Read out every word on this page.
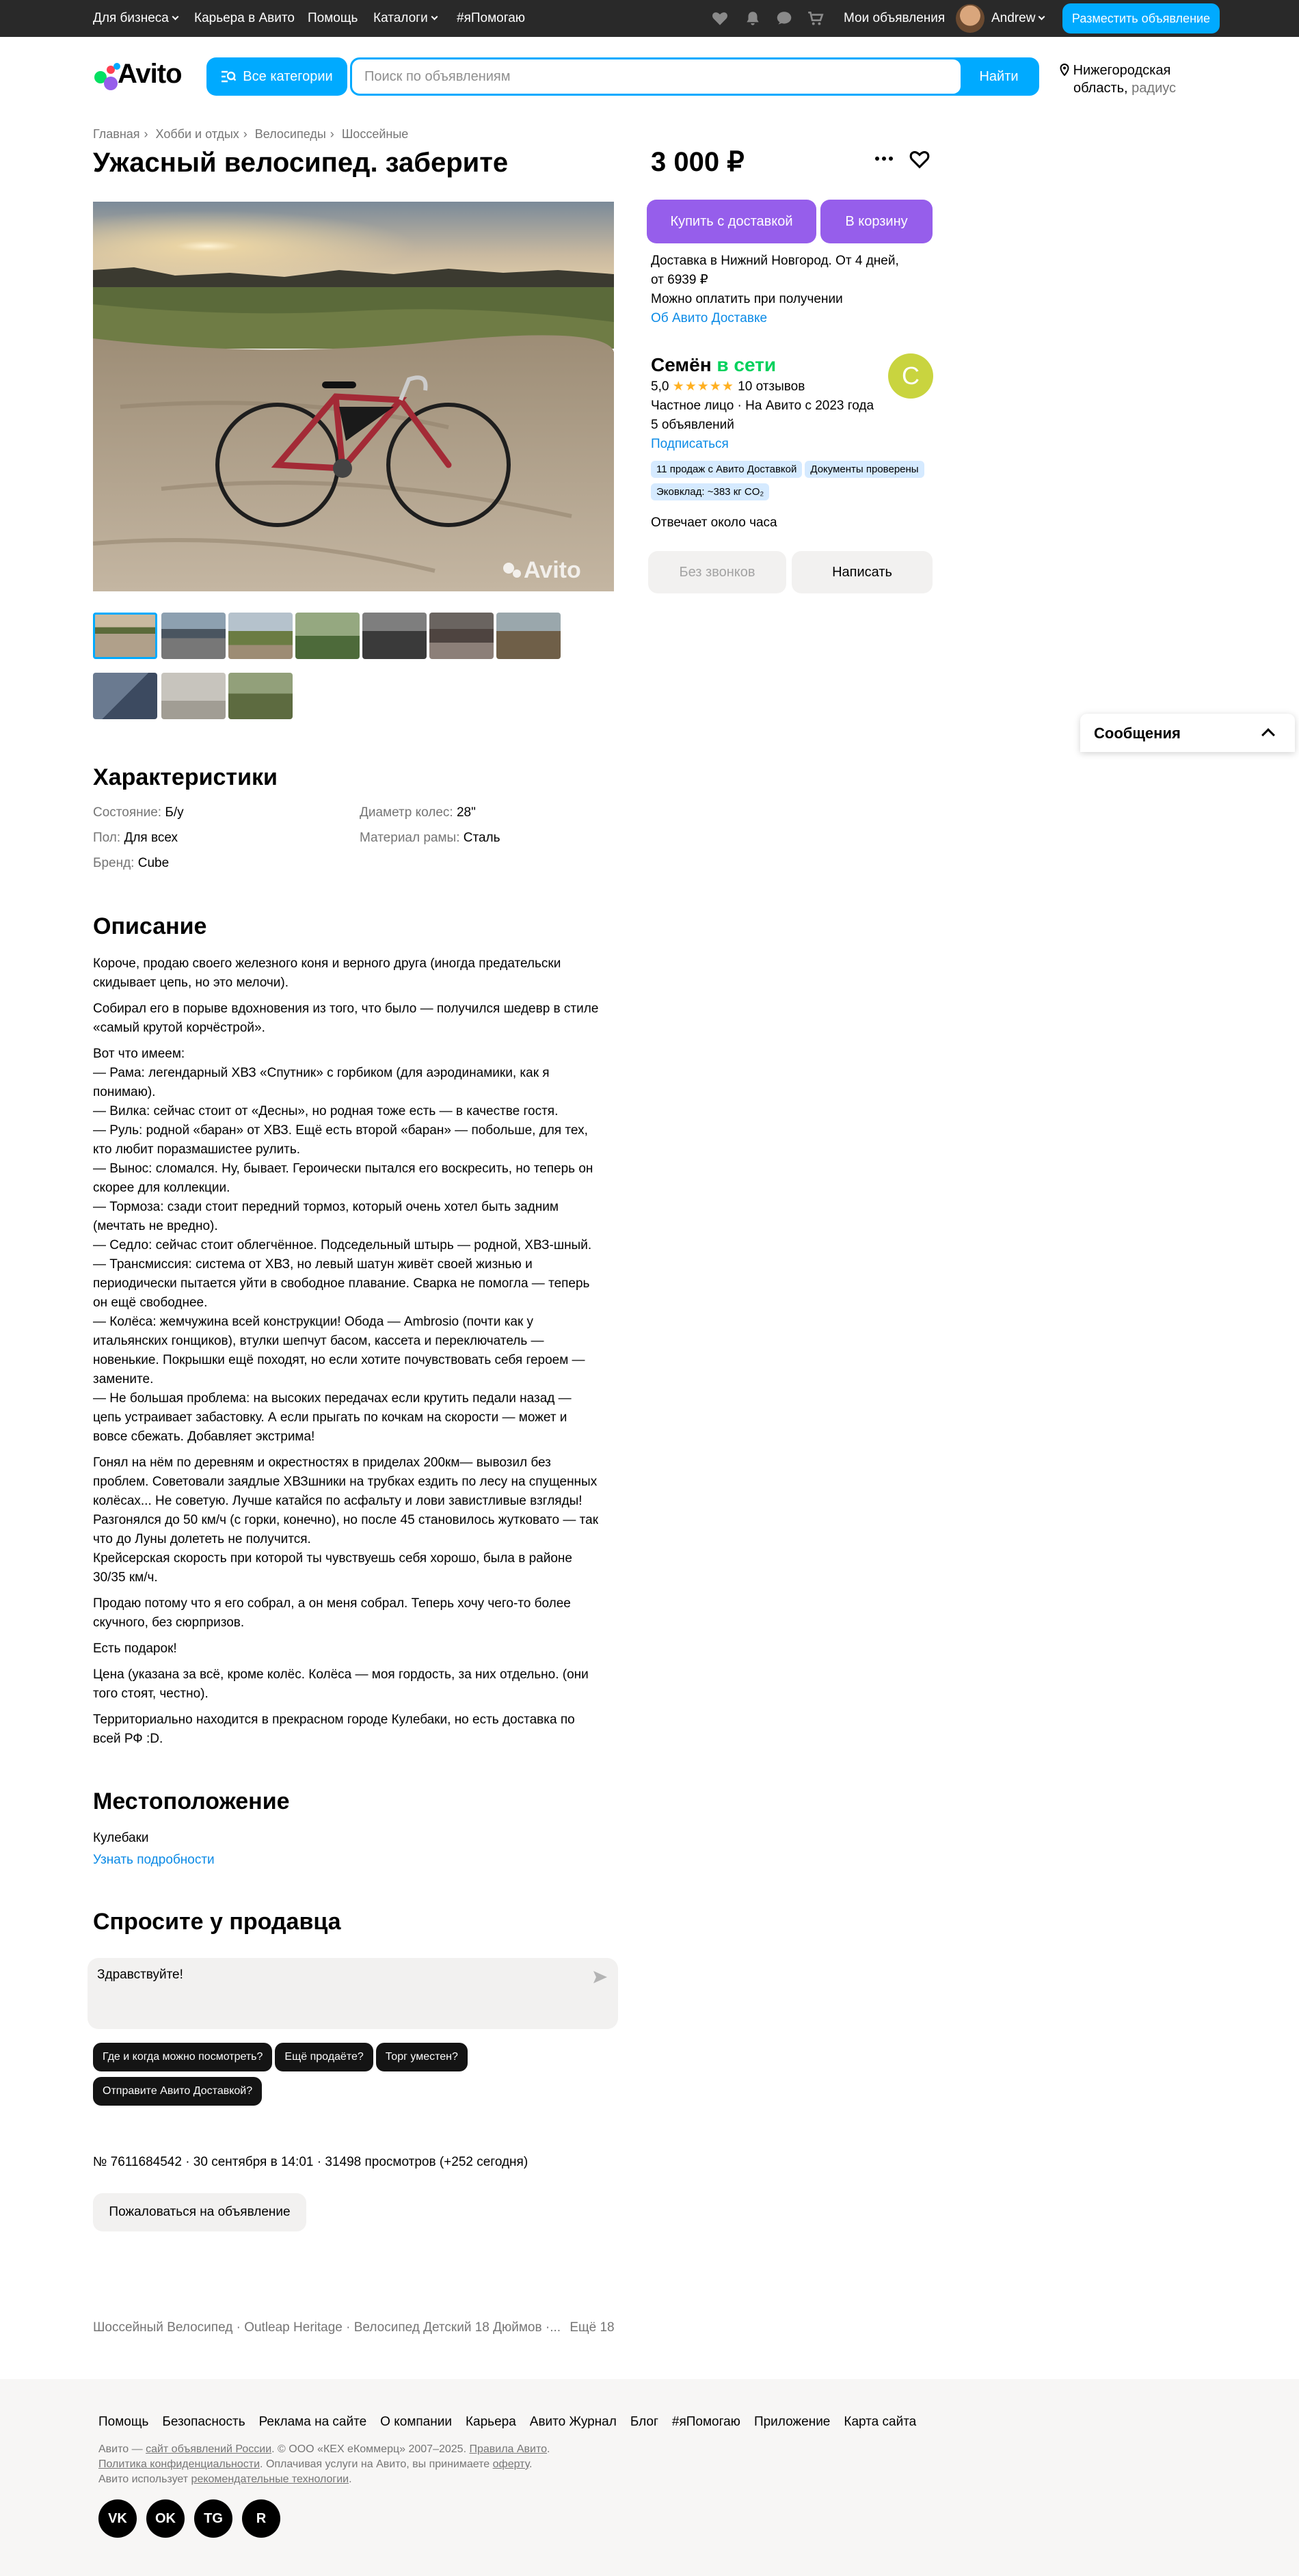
Для бизнеса	Карьера в Авито Помощь Каталоги	#яПомогаю	Мои объявления	Andrew	Разместить объявление
Avito	Все категории
Поиск по объявлениям	Найти	Нижегородская
область, радиус
Главная › Хобби и отдых › Велосипеды › Шоссейные
Ужасный велосипед. заберите
Avito
3 000 ₽
Купить с доставкой	В корзину
Доставка в Нижний Новгород. От 4 дней,
от 6939 ₽
Можно оплатить при получении
Об Авито Доставке
Семён в сети	С
5,0 ★★★★★ 10 отзывов
Частное лицо · На Авито с 2023 года
5 объявлений
Подписаться
11 продаж с Авито Доставкой Документы провереныЭковклад: ~383 кг CO₂
Отвечает около часа
Без звонков	Написать
Сообщения
Характеристики
Состояние: Б/у
Пол: Для всех
Бренд: Cube
Диаметр колес: 28"
Материал рамы: Сталь
Описание

Короче, продаю своего железного коня и верного друга (иногда предательски скидывает цепь, но это мелочи).

Собирал его в порыве вдохновения из того, что было — получился шедевр в стиле «самый крутой корчёстрой».

Вот что имеем:
— Рама: легендарный ХВЗ «Спутник» с горбиком (для аэродинамики, как я понимаю).
— Вилка: сейчас стоит от «Десны», но родная тоже есть — в качестве гостя.
— Руль: родной «баран» от ХВЗ. Ещё есть второй «баран» — побольше, для тех, кто любит поразмашистее рулить.
— Вынос: сломался. Ну, бывает. Героически пытался его воскресить, но теперь он скорее для коллекции.
— Тормоза: сзади стоит передний тормоз, который очень хотел быть задним (мечтать не вредно).
— Седло: сейчас стоит облегчённое. Подседельный штырь — родной, ХВЗ-шный.
— Трансмиссия: система от ХВЗ, но левый шатун живёт своей жизнью и периодически пытается уйти в свободное плавание. Сварка не помогла — теперь он ещё свободнее.
— Колёса: жемчужина всей конструкции! Обода — Ambrosio (почти как у итальянских гонщиков), втулки шепчут басом, кассета и переключатель — новенькие. Покрышки ещё походят, но если хотите почувствовать себя героем — замените.
— Не большая проблема: на высоких передачах если крутить педали назад — цепь устраивает забастовку. А если прыгать по кочкам на скорости — может и вовсе сбежать. Добавляет экстрима!

Гонял на нём по деревням и окрестностях в приделах 200км— вывозил без проблем. Советовали заядлые ХВЗшники на трубках ездить по лесу на спущенных колёсах... Не советую. Лучше катайся по асфальту и лови завистливые взгляды! Разгонялся до 50 км/ч (с горки, конечно), но после 45 становилось жутковато — так что до Луны долететь не получится.
Крейсерская скорость при которой ты чувствуешь себя хорошо, была в районе 30/35 км/ч.

Продаю потому что я его собрал, а он меня собрал. Теперь хочу чего-то более скучного, без сюрпризов.

Есть подарок!

Цена (указана за всё, кроме колёс. Колёса — моя гордость, за них отдельно. (они того стоят, честно).

Территориально находится в прекрасном городе Кулебаки, но есть доставка по всей РФ :D.

Местоположение
Кулебаки
Узнать подробности
Спросите у продавца
Здравствуйте!
Где и когда можно посмотреть? Ещё продаёте? Торг уместен?Отправите Авито Доставкой?
№ 7611684542 · 30 сентября в 14:01 · 31498 просмотров (+252 сегодня)
Пожаловаться на объявление
Шоссейный Велосипед · Outleap Heritage · Велосипед Детский 18 Дюймов ·... Ещё 18
Помощь Безопасность Реклама на сайте О компании Карьера Авито Журнал Блог #яПомогаю Приложение Карта сайта
Авито — сайт объявлений России. © ООО «КЕХ еКоммерц» 2007–2025. Правила Авито.
Политика конфиденциальности. Оплачивая услуги на Авито, вы принимаете оферту.
Авито использует рекомендательные технологии.
VK	OK	TG	R
